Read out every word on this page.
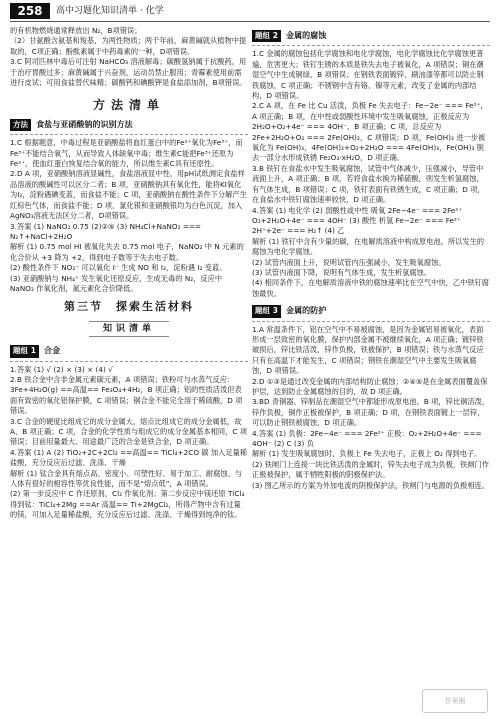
258	高中习题化知识清单 · 化学

的有机物燃烧通常释放出 N₂，B项错误；

（2）甘氨酸含氨基和羧基，为两性物质；两千年前，麻黄碱就从植物中提取的，C项正确；酚酞素属于中药毒素的一种，D项错误。

3.C 阿司匹林中毒后可注射 NaHCO₃ 溶液解毒；碳酸氢钠属于抗酸药，用于治疗胃酸过多；麻黄碱属于兴奋剂，运动员禁止服用；青霉素使用前需进行皮试；可用食盐替代味精；碳酸钙和碘酸钾是食盐添加剂，B项错误。

方法清单
方法	食盐与亚硝酸钠的识别方法

1.C 根据题意，中毒过程是亚硝酸盐将血红蛋白中的Fe²⁺氧化为Fe³⁺，而Fe³⁺不能结合氧气，从而导致人体缺氧中毒；维生素C能把Fe³⁺还原为Fe²⁺，使血红蛋白恢复结合氧的能力，所以维生素C具有还原性。

2.D A 项，亚硝酸钠溶液显碱性，食盐溶液显中性，用pH试纸测定食盐样品溶液的酸碱性可以区分二者；B 项，亚硝酸钠具有氧化性，能将KI氧化为I₂，淀粉遇碘变蓝，而食盐不能；C 项，亚硝酸钠在酸性条件下分解产生红棕色气体，而食盐不能；D 项，氯化银和亚硝酸银均为白色沉淀，加入AgNO₃溶液无法区分二者，D项错误。

3.答案 (1) NaNO₂ 0.75 (2)②⑤ (3) NH₄Cl+NaNO₂ === N₂↑+NaCl+2H₂O

解析 (1) 0.75 mol HI 被氧化失去 0.75 mol 电子，NaNO₂ 中 N 元素的化合价从 +3 降为 +2，得到电子数等于失去电子数。

(2) 酸性条件下 NO₂⁻ 可以氧化 I⁻ 生成 NO 和 I₂，淀粉遇 I₂ 变蓝。

(3) 亚硝酸钠与 NH₄⁺ 发生氧化还原反应，生成无毒的 N₂，反应中 NaNO₂ 作氧化剂，氮元素化合价降低。

第三节　探索生活材料
知识清单
题组 1	合金

1.答案 (1) √ (2) × (3) × (4) √

2.B 铁合金中含非金属元素碳元素，A 项错误；铁粉可与水蒸气反应：3Fe+4H₂O(g) ==高温== Fe₃O₄+4H₂，B 项正确；铝的性质活泼但表面有致密的氧化铝保护膜，C 项错误；铜合金不能完全溶于稀硫酸，D 项错误。

3.C 合金的硬度比组成它的成分金属大，熔点比组成它的成分金属低，故 A、B 项正确；C 项，合金的化学性质与组成它的成分金属基本相同，C 项错误；目前用量最大、用途最广泛的合金是铁合金，D 项正确。

4.答案 (1) A (2) TiO₂+2C+2Cl₂ ==高温== TiCl₄+2CO 碳 加入足量稀盐酸，充分反应后过滤、洗涤、干燥

解析 (1) 钛合金具有熔点高、密度小、可塑性好、易于加工、耐腐蚀、与人体有很好的相容性等优良性能，而不是“熔点低”，A 项错误。

(2) 第一步反应中 C 作还原剂，Cl₂ 作氧化剂；第二步反应中镁还原 TiCl₄ 得到钛：TiCl₄+2Mg ==Ar 高温== Ti+2MgCl₂，所得产物中含有过量的镁，可加入足量稀盐酸，充分反应后过滤、洗涤、干燥得到纯净的钛。

题组 2	金属的腐蚀

1.C 金属的腐蚀包括化学腐蚀和电化学腐蚀，电化学腐蚀比化学腐蚀更普遍，危害更大；铁钉生锈的本质是铁失去电子被氧化，A 项错误；铜在潮湿空气中生成铜绿，B 项错误；在钢铁表面镀锌、刷油漆等都可以防止钢铁腐蚀，C 项正确；不锈钢中含有铬、镍等元素，改变了金属的内部结构，D 项错误。

2.C A 项，在 Fe 比 Cu 活泼，负极 Fe 失去电子：Fe−2e⁻ === Fe²⁺，A 项正确；B 项，在中性或弱酸性环境中发生吸氧腐蚀，正极反应为 2H₂O+O₂+4e⁻ === 4OH⁻，B 项正确；C 项，总反应为 2Fe+2H₂O+O₂ === 2Fe(OH)₂，C 项错误；D 项，Fe(OH)₂ 进一步被氧化为 Fe(OH)₃，4Fe(OH)₂+O₂+2H₂O === 4Fe(OH)₃，Fe(OH)₃ 脱去一部分水形成铁锈 Fe₂O₃·xH₂O，D 项正确。

3.B 铁钉在食盐水中发生吸氧腐蚀，试管中气体减少，压强减小，导管中液面上升，A 项正确；B 项，若将食盐水换为稀硫酸，则发生析氢腐蚀，有气体生成，B 项错误；C 项，铁钉表面有铁锈生成，C 项正确；D 项，在食盐水中铁钉腐蚀速率较快，D 项正确。

4.答案 (1) 电化学 (2) 弱酸性或中性 吸氧 2Fe−4e⁻ === 2Fe²⁺ O₂+2H₂O+4e⁻ === 4OH⁻ (3) 酸性 析氢 Fe−2e⁻ === Fe²⁺ 2H⁺+2e⁻ === H₂↑ (4) 乙

解析 (1) 铁钉中含有少量的碳，在电解质溶液中构成原电池，所以发生的腐蚀为电化学腐蚀。

(2) 试管内液面上升，说明试管内压强减小，发生吸氧腐蚀。

(3) 试管内液面下降，说明有气体生成，发生析氢腐蚀。

(4) 相同条件下，在电解质溶液中铁的腐蚀速率比在空气中快，乙中铁钉腐蚀最快。

题组 3	金属的防护

1.A 常温条件下，铝在空气中不易被腐蚀，是因为金属铝易被氧化，表面形成一层致密的氧化膜，保护内部金属不被继续氧化，A 项正确；镀锌铁破损后，锌比铁活泼，锌作负极，铁被保护，B 项错误；铁与水蒸气反应只有在高温下才能发生，C 项错误；钢铁在潮湿空气中主要发生吸氧腐蚀，D 项错误。

2.D ①③是通过改变金属的内部结构防止腐蚀；②④⑤是在金属表面覆盖保护层，达到防止金属腐蚀的目的，故 D 项正确。

3.BD 青铜器、锌制品在潮湿空气中都能形成原电池，B 项，锌比铜活泼，锌作负极，铜作正极被保护，B 项正确；D 项，在钢铁表面镀上一层锌，可以防止钢铁被腐蚀，D 项正确。

4.答案 (1) 负极：2Fe−4e⁻ === 2Fe²⁺ 正极：O₂+2H₂O+4e⁻ === 4OH⁻ (2) C (3) 负

解析 (1) 发生吸氧腐蚀时，负极上 Fe 失去电子，正极上 O₂ 得到电子。

(2) 铁闸门上连接一块比铁活泼的金属时，锌失去电子成为负极，铁闸门作正极被保护，属于牺牲阳极的阴极保护法。

(3) 图乙所示的方案为外加电流的阴极保护法，铁闸门与电源的负极相连。

答案圈
